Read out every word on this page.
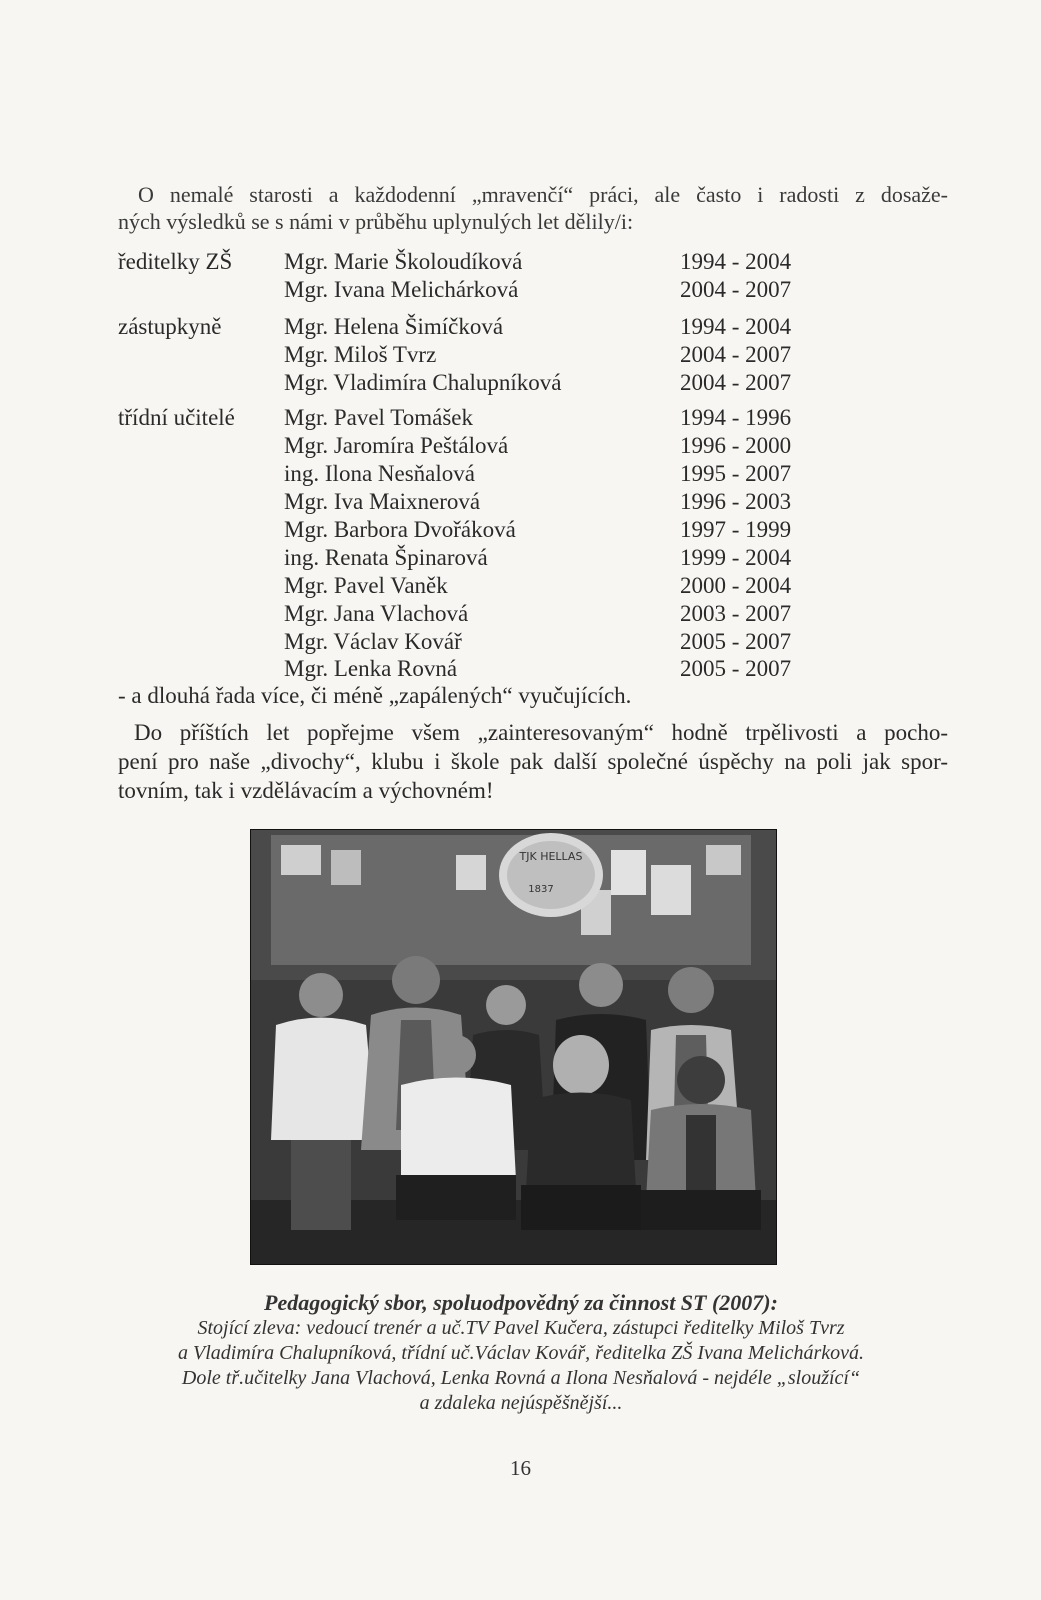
O nemalé starosti a každodenní „mravenčí“ práci, ale často i radosti z dosaže-
ných výsledků se s námi v průběhu uplynulých let dělily/i:
ředitelky ZŠ Mgr. Marie Školoudíková	1994 - 2004
Mgr. Ivana Melichárková	2004 - 2007
zástupkyně	Mgr. Helena Šimíčková	1994 - 2004
Mgr. Miloš Tvrz	2004 - 2007
Mgr. Vladimíra Chalupníková	2004 - 2007
třídní učitelé Mgr. Pavel Tomášek	1994 - 1996
Mgr. Jaromíra Peštálová	1996 - 2000
ing. Ilona Nesňalová	1995 - 2007
Mgr. Iva Maixnerová	1996 - 2003
Mgr. Barbora Dvořáková	1997 - 1999
ing. Renata Špinarová	1999 - 2004
Mgr. Pavel Vaněk	2000 - 2004
Mgr. Jana Vlachová	2003 - 2007
Mgr. Václav Kovář	2005 - 2007
Mgr. Lenka Rovná	2005 - 2007
- a dlouhá řada více, či méně „zapálených“ vyučujících.
Do příštích let popřejme všem „zainteresovaným“ hodně trpělivosti a pocho-
pení pro naše „divochy“, klubu i škole pak další společné úspěchy na poli jak spor-
tovním, tak i vzdělávacím a výchovném!
TJK HELLAS
1837
Pedagogický sbor, spoluodpovědný za činnost ST (2007):
Stojící zleva: vedoucí trenér a uč.TV Pavel Kučera, zástupci ředitelky Miloš Tvrz
a Vladimíra Chalupníková, třídní uč.Václav Kovář, ředitelka ZŠ Ivana Melichárková.
Dole tř.učitelky Jana Vlachová, Lenka Rovná a Ilona Nesňalová - nejdéle „sloužící“
a zdaleka nejúspěšnější...
16
